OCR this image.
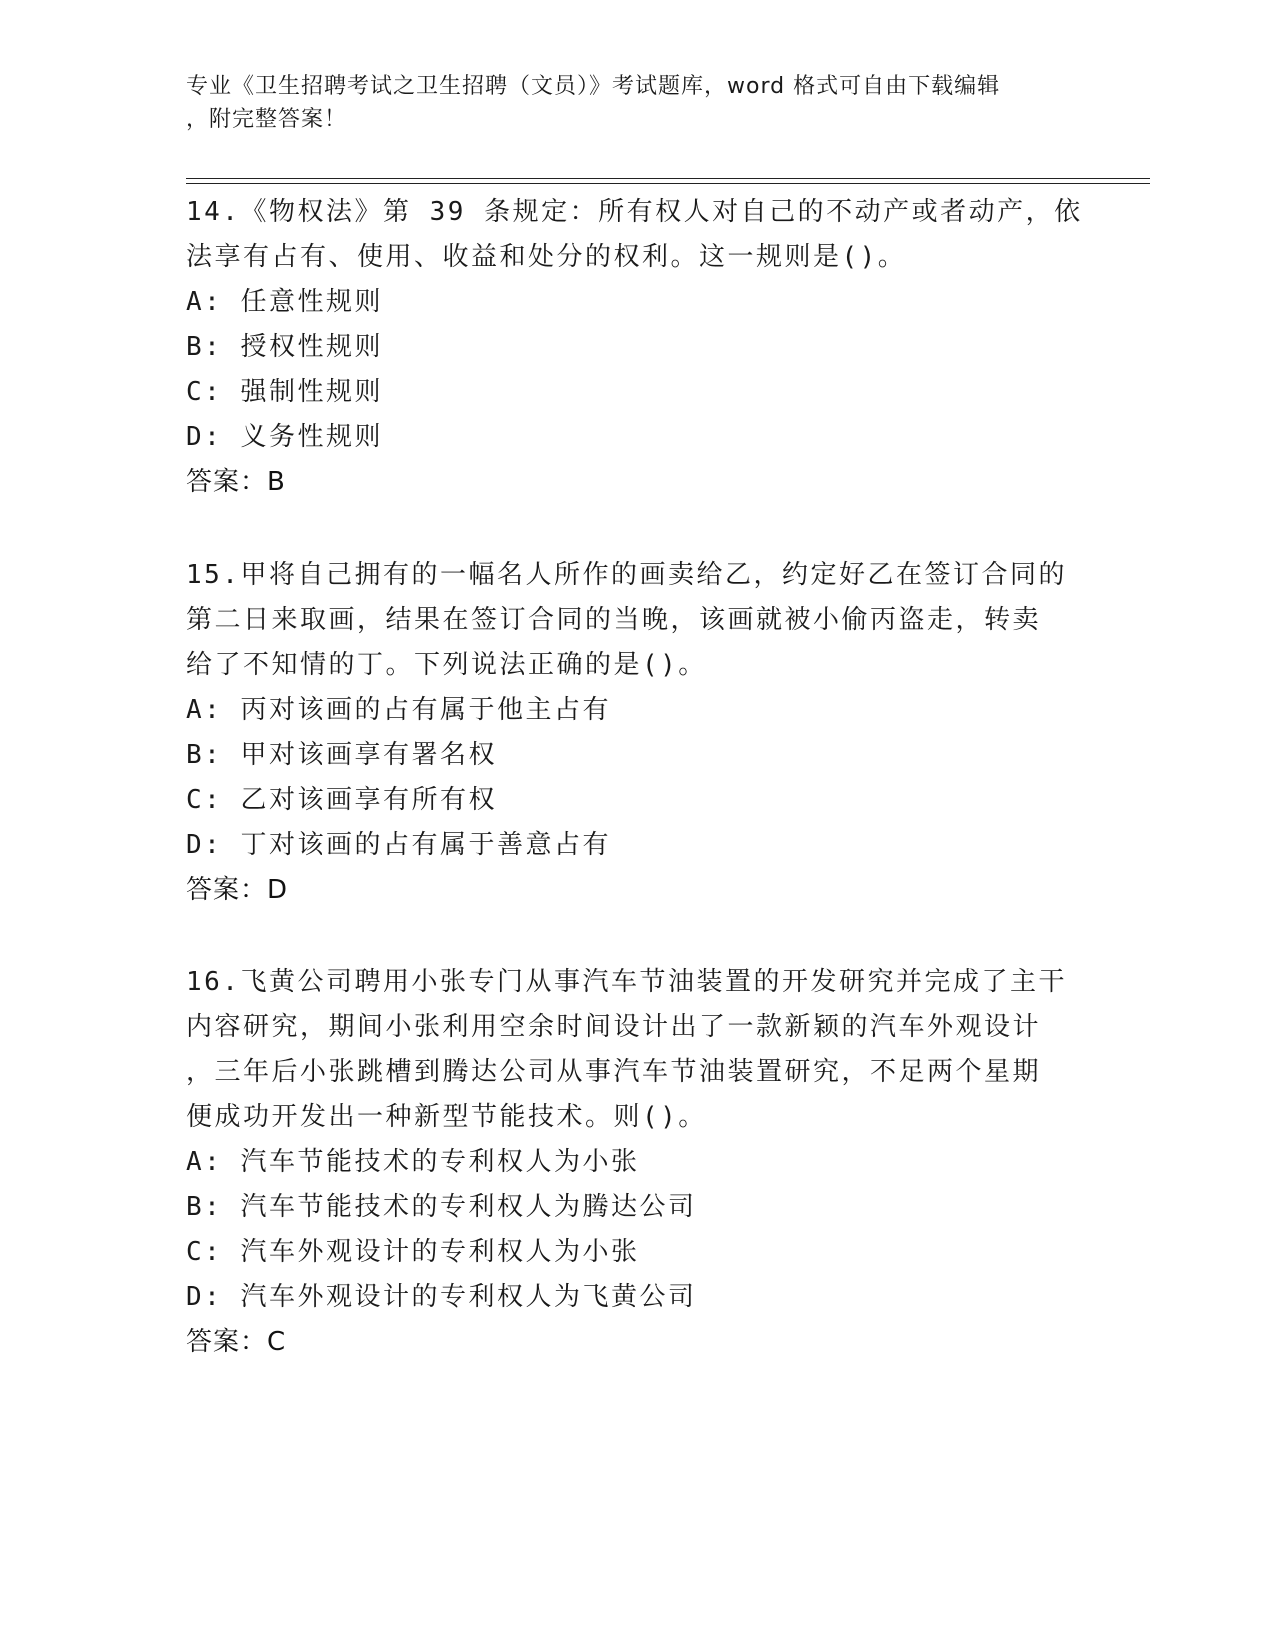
专业《卫生招聘考试之卫生招聘（文员）》考试题库，word 格式可自由下载编辑
，附完整答案！
14.《物权法》第 39 条规定：所有权人对自己的不动产或者动产，依
法享有占有、使用、收益和处分的权利。这一规则是()。
A: 任意性规则
B: 授权性规则
C: 强制性规则
D: 义务性规则
答案：B
15.甲将自己拥有的一幅名人所作的画卖给乙，约定好乙在签订合同的
第二日来取画，结果在签订合同的当晚，该画就被小偷丙盗走，转卖
给了不知情的丁。下列说法正确的是()。
A: 丙对该画的占有属于他主占有
B: 甲对该画享有署名权
C: 乙对该画享有所有权
D: 丁对该画的占有属于善意占有
答案：D
16.飞黄公司聘用小张专门从事汽车节油装置的开发研究并完成了主干
内容研究，期间小张利用空余时间设计出了一款新颖的汽车外观设计
，三年后小张跳槽到腾达公司从事汽车节油装置研究，不足两个星期
便成功开发出一种新型节能技术。则()。
A: 汽车节能技术的专利权人为小张
B: 汽车节能技术的专利权人为腾达公司
C: 汽车外观设计的专利权人为小张
D: 汽车外观设计的专利权人为飞黄公司
答案：C
